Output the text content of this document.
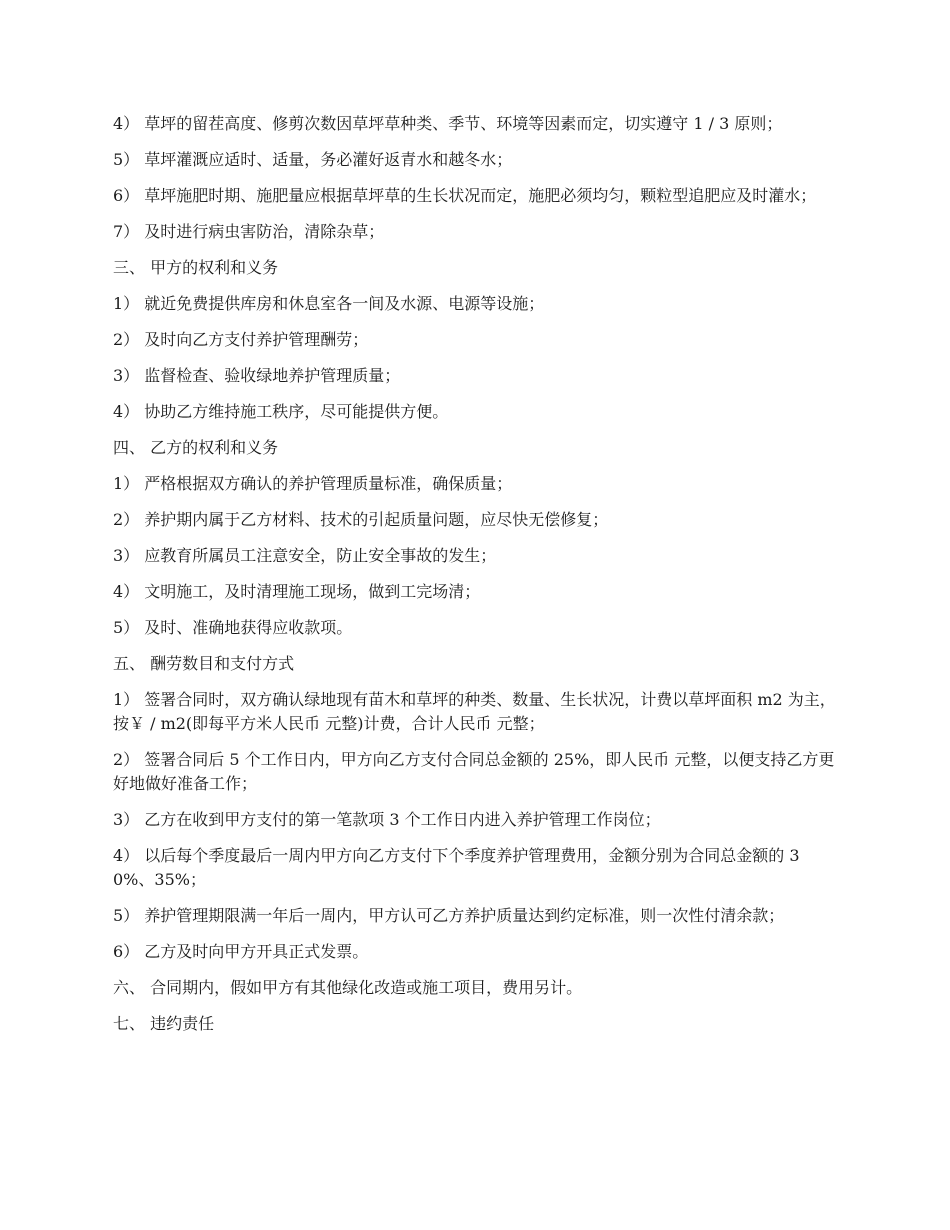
4） 草坪的留茬高度、修剪次数因草坪草种类、季节、环境等因素而定，切实遵守 1 / 3 原则；

5） 草坪灌溉应适时、适量，务必灌好返青水和越冬水；

6） 草坪施肥时期、施肥量应根据草坪草的生长状况而定，施肥必须均匀，颗粒型追肥应及时灌水；

7） 及时进行病虫害防治，清除杂草；

三、 甲方的权利和义务

1） 就近免费提供库房和休息室各一间及水源、电源等设施；

2） 及时向乙方支付养护管理酬劳；

3） 监督检查、验收绿地养护管理质量；

4） 协助乙方维持施工秩序，尽可能提供方便。

四、 乙方的权利和义务

1） 严格根据双方确认的养护管理质量标准，确保质量；

2） 养护期内属于乙方材料、技术的引起质量问题，应尽快无偿修复；

3） 应教育所属员工注意安全，防止安全事故的发生；

4） 文明施工，及时清理施工现场，做到工完场清；

5） 及时、准确地获得应收款项。

五、 酬劳数目和支付方式

1） 签署合同时，双方确认绿地现有苗木和草坪的种类、数量、生长状况，计费以草坪面积 m2 为主，按￥ / m2(即每平方米人民币 元整)计费，合计人民币 元整；

2） 签署合同后 5 个工作日内，甲方向乙方支付合同总金额的 25%，即人民币 元整，以便支持乙方更好地做好准备工作；

3） 乙方在收到甲方支付的第一笔款项 3 个工作日内进入养护管理工作岗位；

4） 以后每个季度最后一周内甲方向乙方支付下个季度养护管理费用，金额分别为合同总金额的 30%、35%；

5） 养护管理期限满一年后一周内，甲方认可乙方养护质量达到约定标准，则一次性付清余款；

6） 乙方及时向甲方开具正式发票。

六、 合同期内，假如甲方有其他绿化改造或施工项目，费用另计。

七、 违约责任
